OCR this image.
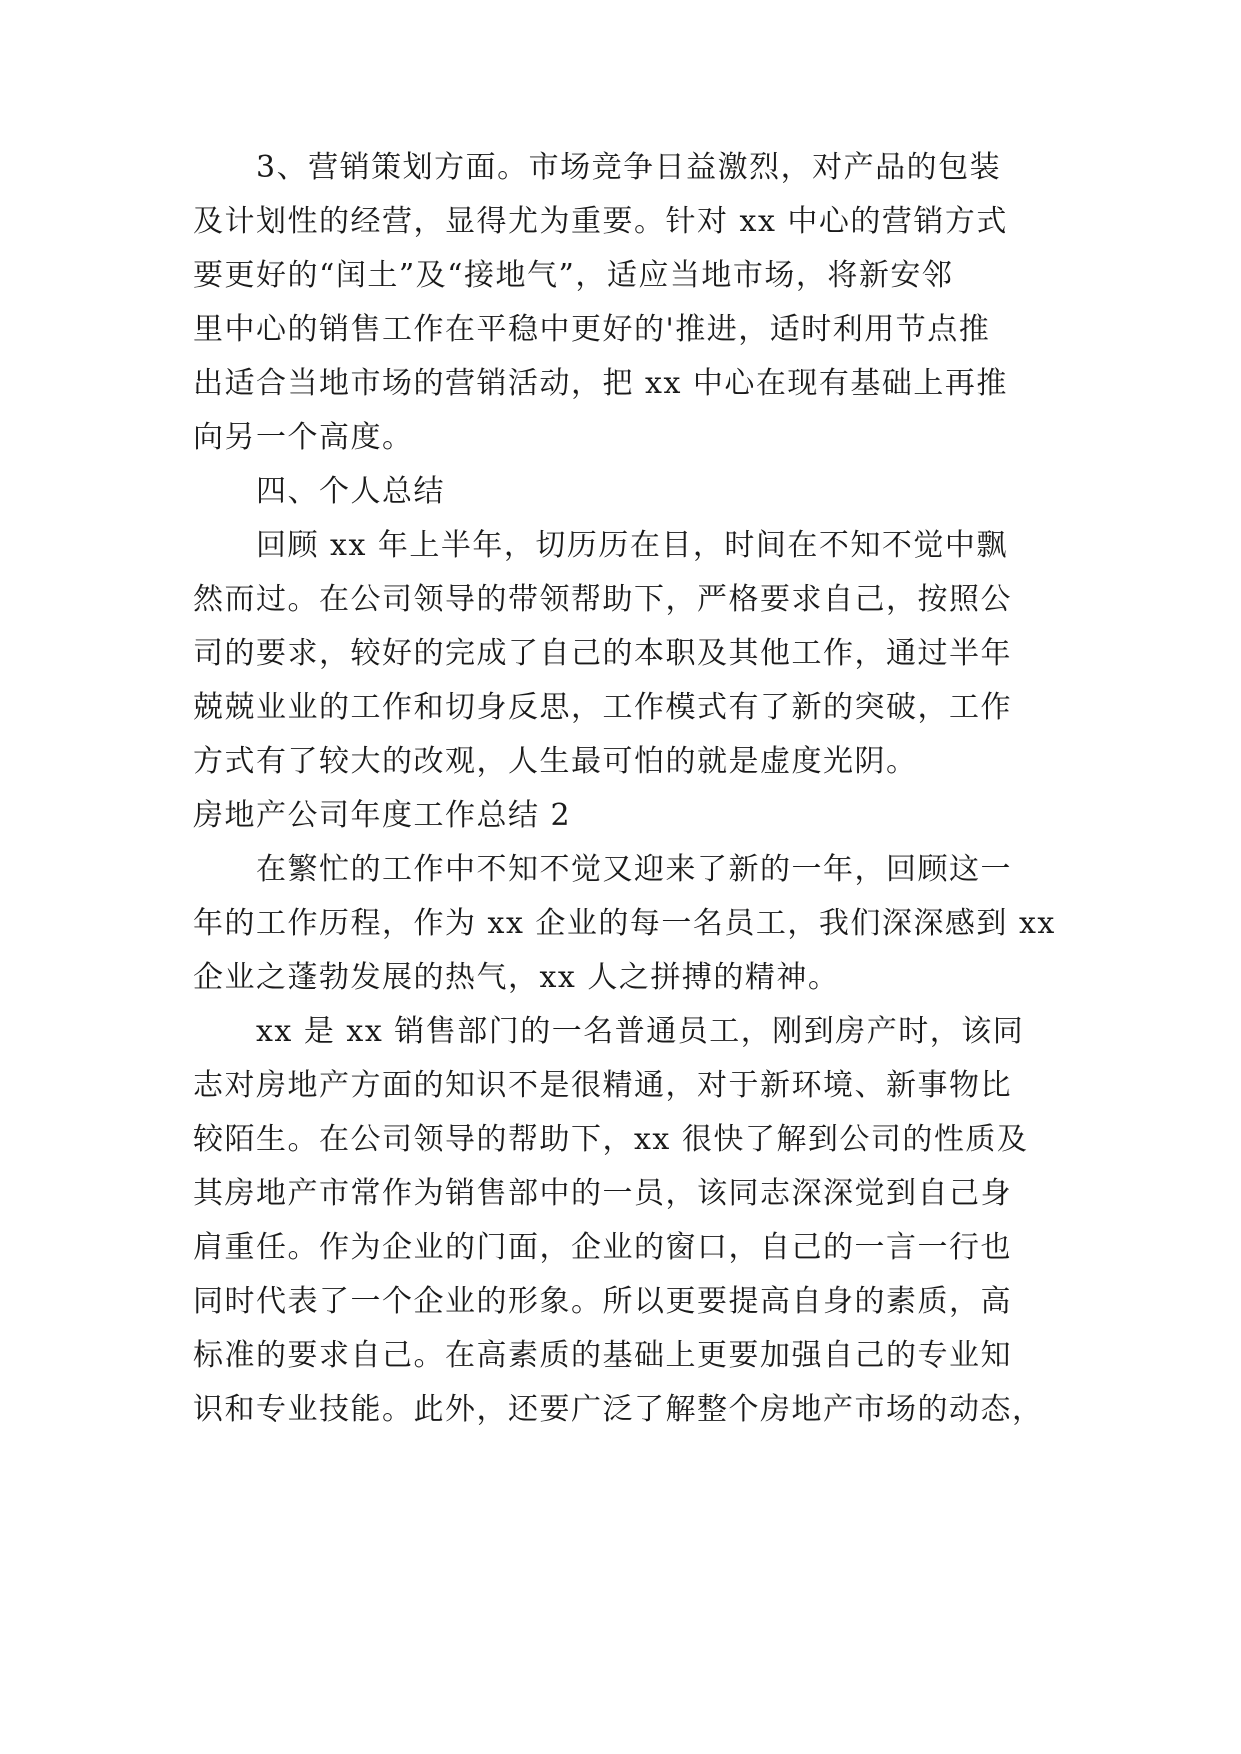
3、营销策划方面。市场竞争日益激烈，对产品的包装
及计划性的经营，显得尤为重要。针对 xx 中心的营销方式
要更好的“闰土”及“接地气”，适应当地市场，将新安邻
里中心的销售工作在平稳中更好的'推进，适时利用节点推
出适合当地市场的营销活动，把 xx 中心在现有基础上再推
向另一个高度。
四、个人总结
回顾 xx 年上半年，切历历在目，时间在不知不觉中飘
然而过。在公司领导的带领帮助下，严格要求自己，按照公
司的要求，较好的完成了自己的本职及其他工作，通过半年
兢兢业业的工作和切身反思，工作模式有了新的突破，工作
方式有了较大的改观，人生最可怕的就是虚度光阴。
房地产公司年度工作总结 2
在繁忙的工作中不知不觉又迎来了新的一年，回顾这一
年的工作历程，作为 xx 企业的每一名员工，我们深深感到 xx
企业之蓬勃发展的热气，xx 人之拼搏的精神。
xx 是 xx 销售部门的一名普通员工，刚到房产时，该同
志对房地产方面的知识不是很精通，对于新环境、新事物比
较陌生。在公司领导的帮助下，xx 很快了解到公司的性质及
其房地产市常作为销售部中的一员，该同志深深觉到自己身
肩重任。作为企业的门面，企业的窗口，自己的一言一行也
同时代表了一个企业的形象。所以更要提高自身的素质，高
标准的要求自己。在高素质的基础上更要加强自己的专业知
识和专业技能。此外，还要广泛了解整个房地产市场的动态，
